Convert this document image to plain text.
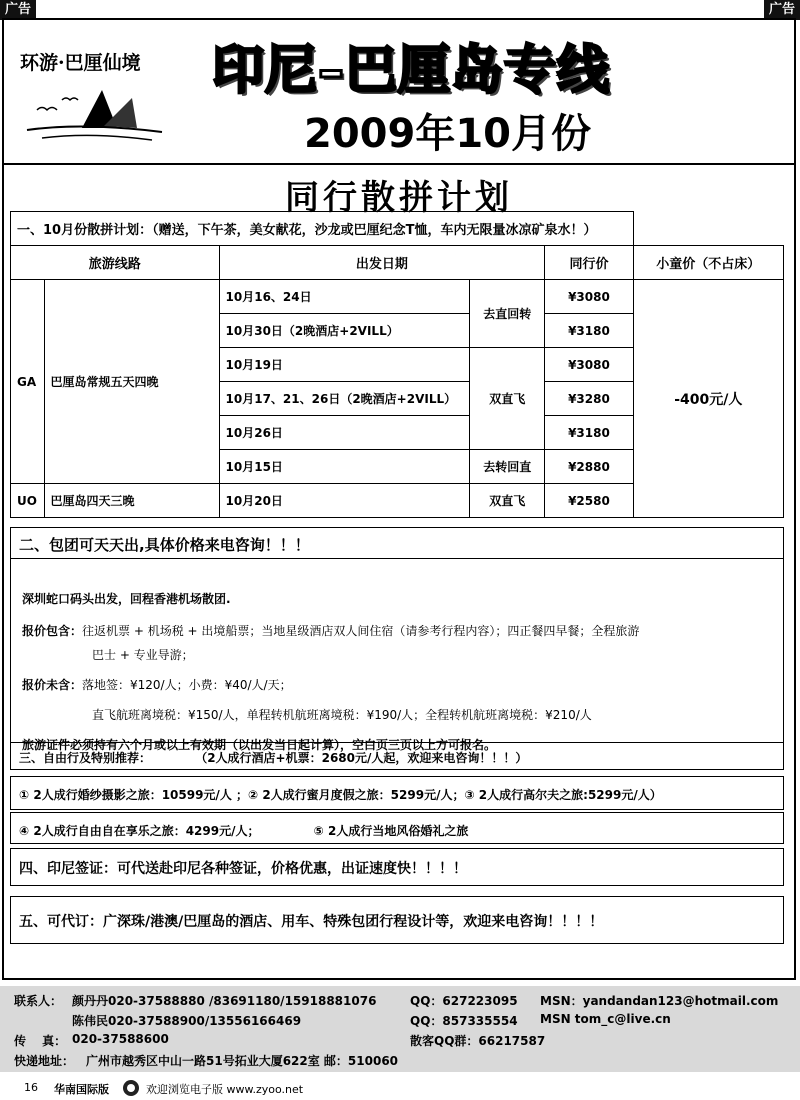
广告	广告
环游·巴厘仙境 印尼–巴厘岛专线
2009年10月份
同行散拼计划
一、10月份散拼计划：（赠送，下午茶，美女献花，沙龙或巴厘纪念T恤，车内无限量冰凉矿泉水！）					
旅游线路		出发日期		同行价	小童价（不占床）
GA	巴厘岛常规五天四晚	10月16、24日	去直回转	¥3080	-400元/人
		10月30日（2晚酒店+2VILL）		¥3180	
		10月19日	双直飞	¥3080	
		10月17、21、26日（2晚酒店+2VILL）		¥3280	
		10月26日		¥3180	
		10月15日	去转回直	¥2880	
UO	巴厘岛四天三晚	10月20日	双直飞	¥2580	
二、包团可天天出,具体价格来电咨询！！！
深圳蛇口码头出发，回程香港机场散团.
报价包含：往返机票 + 机场税 + 出境船票；当地星级酒店双人间住宿（请参考行程内容）；四正餐四早餐；全程旅游
巴士 + 专业导游；
报价未含：落地签：¥120/人；小费：¥40/人/天；
直飞航班离境税：¥150/人，单程转机航班离境税：¥190/人；全程转机航班离境税：¥210/人
旅游证件必须持有六个月或以上有效期（以出发当日起计算），空白页三页以上方可报名。
三、自由行及特别推荐：	（2人成行酒店+机票：2680元/人起，欢迎来电咨询！！！）
① 2人成行婚纱摄影之旅：10599元/人 ；② 2人成行蜜月度假之旅：5299元/人；③ 2人成行高尔夫之旅:5299元/人）
④ 2人成行自由自在享乐之旅：4299元/人；	⑤ 2人成行当地风俗婚礼之旅
四、印尼签证：可代送赴印尼各种签证，价格优惠，出证速度快！！！！
五、可代订：广深珠/港澳/巴厘岛的酒店、用车、特殊包团行程设计等，欢迎来电咨询！！！！
联系人： 颜丹丹020-37588880 /83691180/15918881076	QQ：627223095 MSN：yandandan123@hotmail.com
陈伟民020-37588900/13556166469	QQ：857335554 MSN tom_c@live.cn
传　 真： 020-37588600	散客QQ群：66217587
快递地址： 广州市越秀区中山一路51号拓业大厦622室 邮：510060
16 华南国际版	欢迎浏览电子版 www.zyoo.net
